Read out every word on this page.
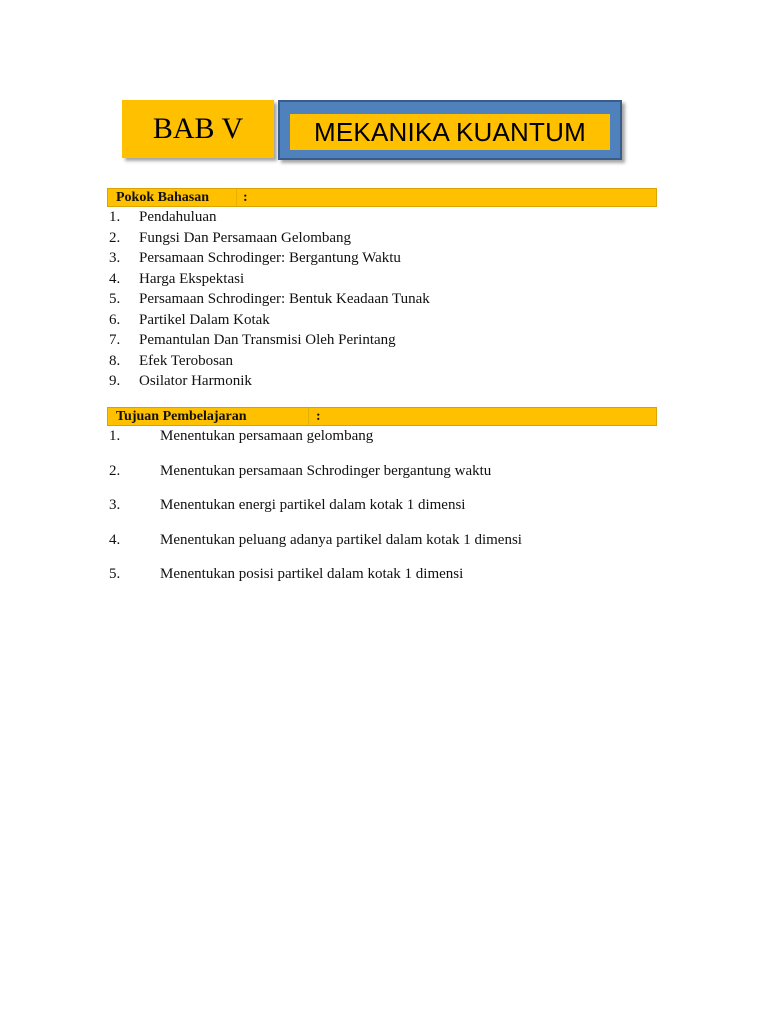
BAB V	MEKANIKA KUANTUM
Pokok Bahasan :
1. Pendahuluan
2. Fungsi Dan Persamaan Gelombang
3. Persamaan Schrodinger: Bergantung Waktu
4. Harga Ekspektasi
5. Persamaan Schrodinger: Bentuk Keadaan Tunak
6. Partikel Dalam Kotak
7. Pemantulan Dan Transmisi Oleh Perintang
8. Efek Terobosan
9. Osilator Harmonik
Tujuan Pembelajaran	:
1.	Menentukan persamaan gelombang
2.	Menentukan persamaan Schrodinger bergantung waktu
3.	Menentukan energi partikel dalam kotak 1 dimensi
4.	Menentukan peluang adanya partikel dalam kotak 1 dimensi
5.	Menentukan posisi partikel dalam kotak 1 dimensi
